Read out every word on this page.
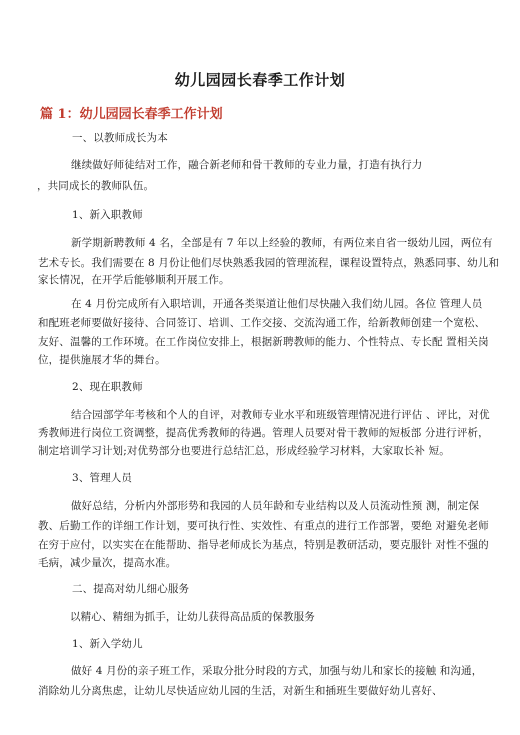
幼儿园园长春季工作计划
篇 1：幼儿园园长春季工作计划
一、以教师成长为本
继续做好师徒结对工作，融合新老师和骨干教师的专业力量，打造有执行力
，共同成长的教师队伍。
1、新入职教师
新学期新聘教师 4 名，全部是有 7 年以上经验的教师，有两位来自省一级幼儿园，两位有
艺术专长。我们需要在 8 月份让他们尽快熟悉我园的管理流程，课程设置特点，熟悉同事、幼儿和
家长情况，在开学后能够顺利开展工作。
在 4 月份完成所有入职培训，开通各类渠道让他们尽快融入我们幼儿园。各位 管理人员
和配班老师要做好接待、合同签订、培训、工作交接、交流沟通工作，给新教师创建一个宽松、
友好、温馨的工作环境。在工作岗位安排上，根据新聘教师的能力、个性特点、专长配 置相关岗
位，提供施展才华的舞台。
2、现在职教师
结合园部学年考核和个人的自评，对教师专业水平和班级管理情况进行评估 、评比，对优
秀教师进行岗位工资调整，提高优秀教师的待遇。管理人员要对骨干教师的短板部 分进行评析，
制定培训学习计划;对优势部分也要进行总结汇总，形成经验学习材料，大家取长补 短。
3、管理人员
做好总结，分析内外部形势和我园的人员年龄和专业结构以及人员流动性预 测，制定保
教、后勤工作的详细工作计划，要可执行性、实效性、有重点的进行工作部署，要绝 对避免老师
在穷于应付，以实实在在能帮助、指导老师成长为基点，特别是教研活动，要克服针 对性不强的
毛病，减少量次，提高水准。
二、提高对幼儿细心服务
以精心、精细为抓手，让幼儿获得高品质的保教服务
1、新入学幼儿
做好 4 月份的亲子班工作，采取分批分时段的方式，加强与幼儿和家长的接触 和沟通，
消除幼儿分离焦虑，让幼儿尽快适应幼儿园的生活，对新生和插班生要做好幼儿喜好、
